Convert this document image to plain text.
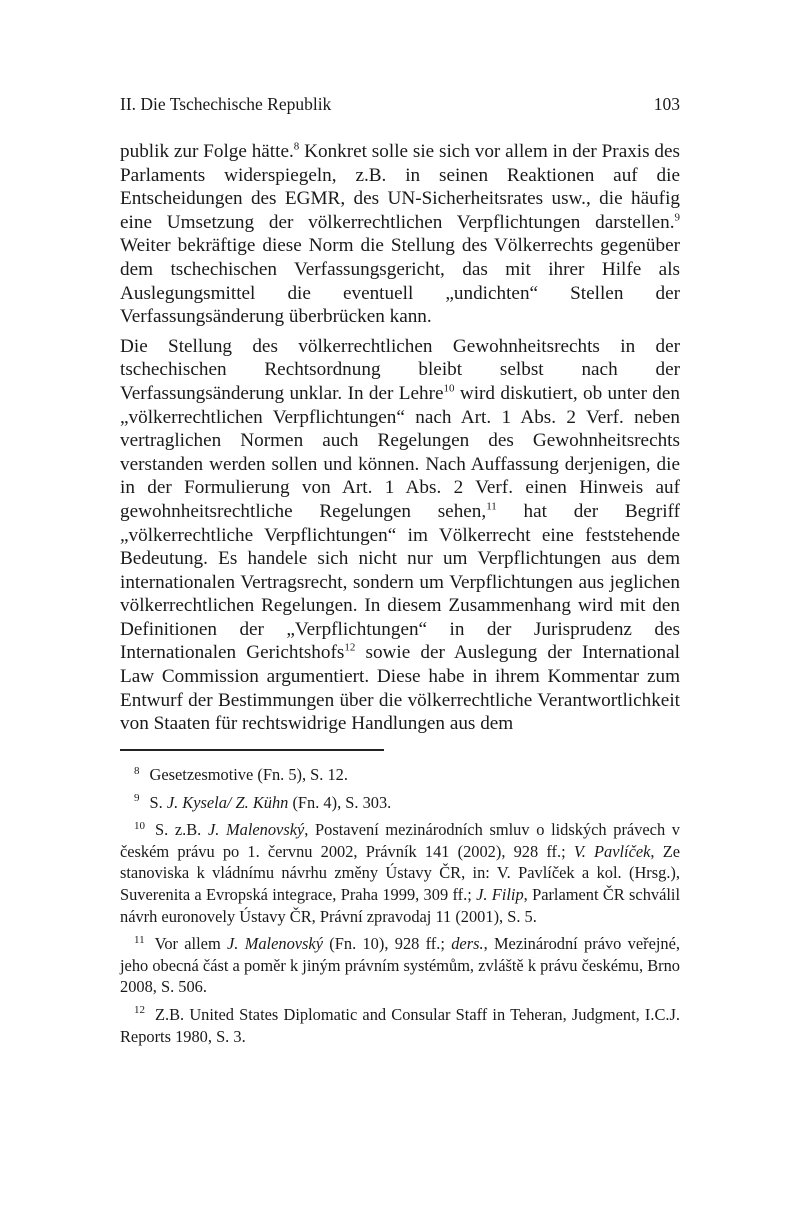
II. Die Tschechische Republik	103

publik zur Folge hätte.$^8$ Konkret solle sie sich vor allem in der Praxis des Parlaments widerspiegeln, z.B. in seinen Reaktionen auf die Entscheidungen des EGMR, des UN-Sicherheitsrates usw., die häufig eine Umsetzung der völkerrechtlichen Verpflichtungen darstellen.$^9$ Weiter bekräftige diese Norm die Stellung des Völkerrechts gegenüber dem tschechischen Verfassungsgericht, das mit ihrer Hilfe als Auslegungsmittel die eventuell „undichten“ Stellen der Verfassungsänderung überbrücken kann.

Die Stellung des völkerrechtlichen Gewohnheitsrechts in der tschechischen Rechtsordnung bleibt selbst nach der Verfassungsänderung unklar. In der Lehre$^{10}$ wird diskutiert, ob unter den „völkerrechtlichen Verpflichtungen“ nach Art. 1 Abs. 2 Verf. neben vertraglichen Normen auch Regelungen des Gewohnheitsrechts verstanden werden sollen und können. Nach Auffassung derjenigen, die in der Formulierung von Art. 1 Abs. 2 Verf. einen Hinweis auf gewohnheitsrechtliche Regelungen sehen,$^{11}$ hat der Begriff „völkerrechtliche Verpflichtungen“ im Völkerrecht eine feststehende Bedeutung. Es handele sich nicht nur um Verpflichtungen aus dem internationalen Vertragsrecht, sondern um Verpflichtungen aus jeglichen völkerrechtlichen Regelungen. In diesem Zusammenhang wird mit den Definitionen der „Verpflichtungen“ in der Jurisprudenz des Internationalen Gerichtshofs$^{12}$ sowie der Auslegung der International Law Commission argumentiert. Diese habe in ihrem Kommentar zum Entwurf der Bestimmungen über die völkerrechtliche Verantwortlichkeit von Staaten für rechtswidrige Handlungen aus dem

$^8$ Gesetzesmotive (Fn. 5), S. 12.
$^9$ S. J. Kysela/ Z. Kühn (Fn. 4), S. 303.
$^{10}$ S. z.B. J. Malenovský, Postavení mezinárodních smluv o lidských právech v českém právu po 1. červnu 2002, Právník 141 (2002), 928 ff.; V. Pavlíček, Ze stanoviska k vládnímu návrhu změny Ústavy ČR, in: V. Pavlíček a kol. (Hrsg.), Suverenita a Evropská integrace, Praha 1999, 309 ff.; J. Filip, Parlament ČR schválil návrh euronovely Ústavy ČR, Právní zpravodaj 11 (2001), S. 5.
$^{11}$ Vor allem J. Malenovský (Fn. 10), 928 ff.; ders., Mezinárodní právo veřejné, jeho obecná část a poměr k jiným právním systémům, zvláště k právu českému, Brno 2008, S. 506.
$^{12}$ Z.B. United States Diplomatic and Consular Staff in Teheran, Judgment, I.C.J. Reports 1980, S. 3.
